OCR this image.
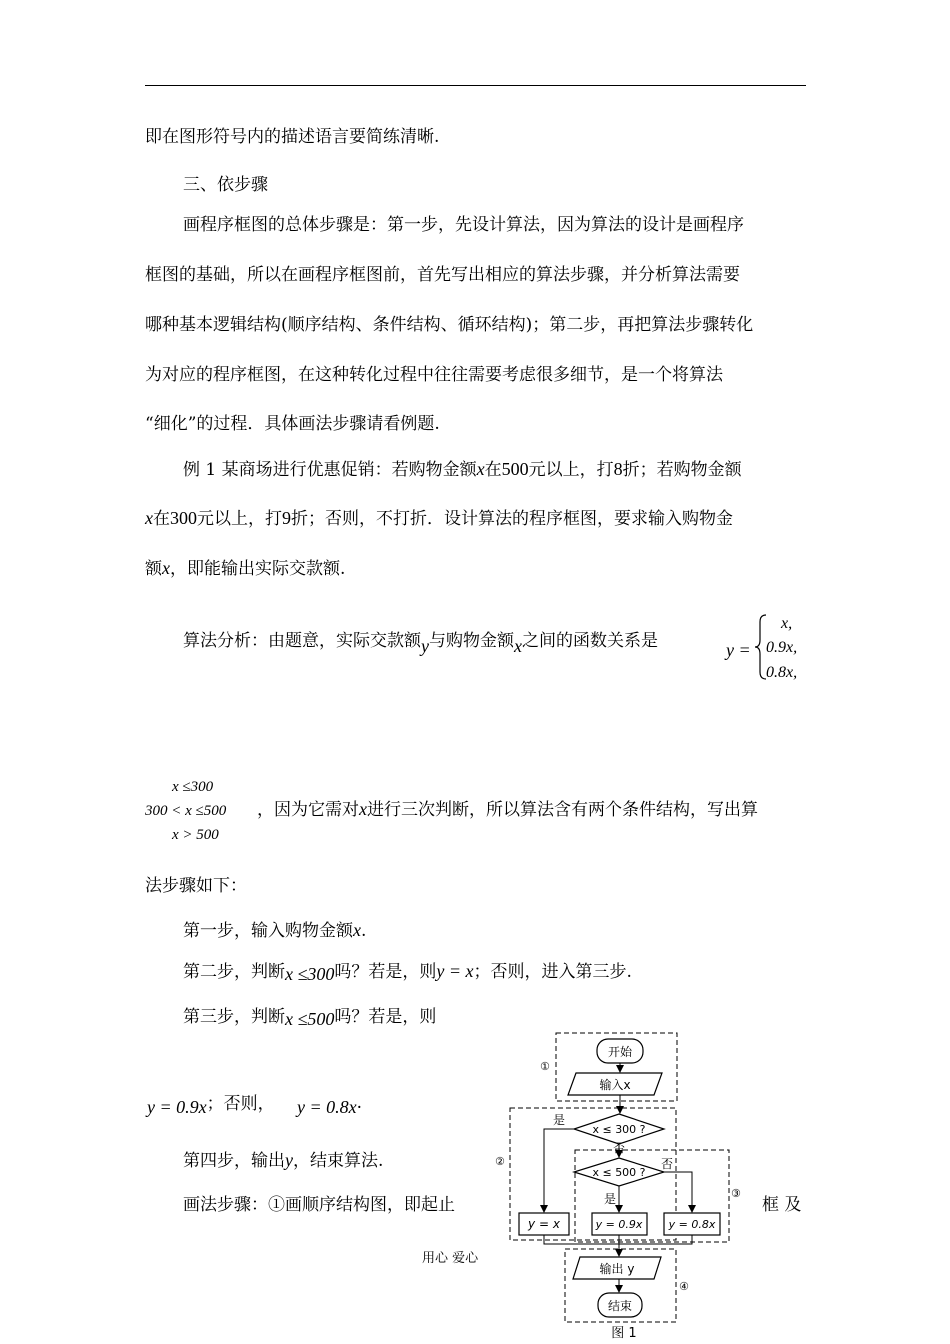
即在图形符号内的描述语言要简练清晰.
三、依步骤
画程序框图的总体步骤是：第一步，先设计算法，因为算法的设计是画程序
框图的基础，所以在画程序框图前，首先写出相应的算法步骤，并分析算法需要
哪种基本逻辑结构(顺序结构、条件结构、循环结构)；第二步，再把算法步骤转化
为对应的程序框图，在这种转化过程中往往需要考虑很多细节，是一个将算法
“细化”的过程．具体画法步骤请看例题.
例 1 某商场进行优惠促销：若购物金额x在500元以上，打8折；若购物金额
x在300元以上，打9折；否则，不打折．设计算法的程序框图，要求输入购物金
额x，即能输出实际交款额.
算法分析：由题意，实际交款额y与购物金额x之间的函数关系是	y =
x,
0.9x,
0.8x,
x ≤300
300 < x ≤500 ，因为它需对x进行三次判断，所以算法含有两个条件结构，写出算
x > 500
法步骤如下：
第一步，输入购物金额x.
第二步，判断x ≤300吗？若是，则y = x；否则，进入第三步.
第三步，判断x ≤500吗？若是，则
y = 0.9x；否则， y = 0.8x·
第四步，输出y，结束算法.
画法步骤：①画顺序结构图，即起止	框 及
用心 爱心
开始
输入x
x ≤ 300 ?
x ≤ 500 ?
是
否
否
是
y = x	y = 0.9x y = 0.8x
输出 y
结束
①
②
③
④
图 1
